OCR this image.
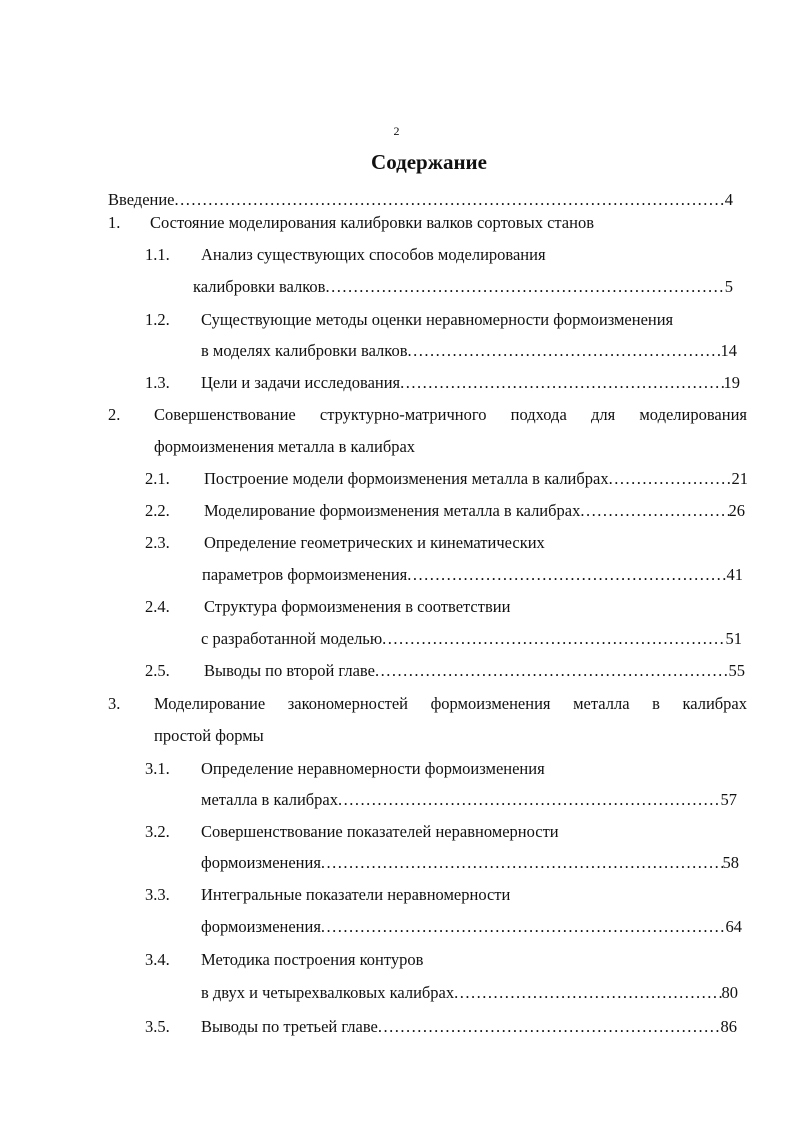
2
Содержание
Введение .....	4
1. Состояние моделирования калибровки валков сортовых станов
1.1. Анализ существующих способов моделирования
калибровки валков .....	5
1.2. Существующие методы оценки неравномерности формоизменения
в моделях калибровки валков .....	14
1.3. Цели и задачи исследования .....	19
2. Совершенствование структурно-матричного подхода для моделирования
формоизменения металла в калибрах
2.1. Построение модели формоизменения металла в калибрах .....	21
2.2. Моделирование формоизменения металла в калибрах .....	26
2.3. Определение геометрических и кинематических
параметров формоизменения .....	41
2.4. Структура формоизменения в соответствии
с разработанной моделью .....	51
2.5. Выводы по второй главе .....	55
3. Моделирование закономерностей формоизменения металла в калибрах
простой формы
3.1. Определение неравномерности формоизменения
металла в калибрах .....	57
3.2. Совершенствование показателей неравномерности
формоизменения .....	58
3.3. Интегральные показатели неравномерности
формоизменения .....	64
3.4. Методика построения контуров
в двух и четырехвалковых калибрах .....	80
3.5. Выводы по третьей главе .....	86
